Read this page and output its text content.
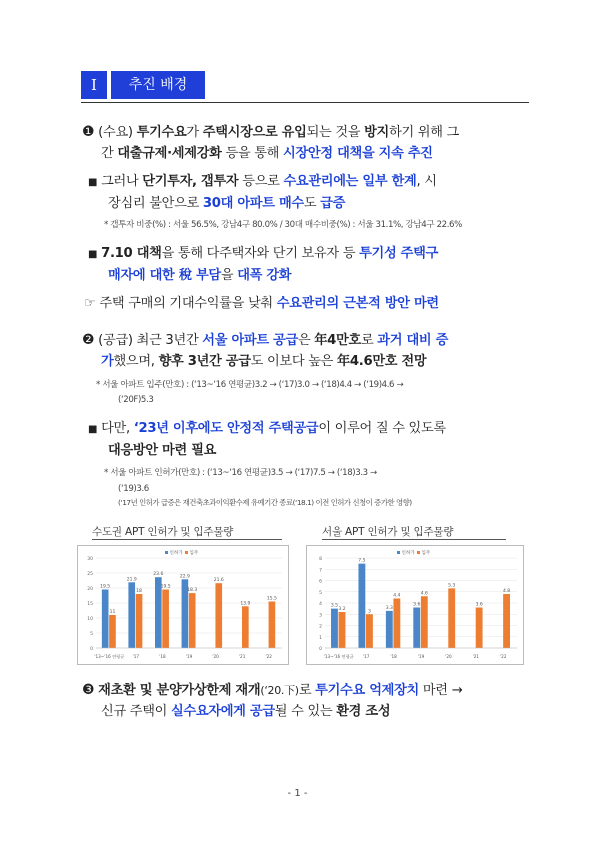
I	추진 배경
❶ (수요) 투기수요가 주택시장으로 유입되는 것을 방지하기 위해 그
간 대출규제·세제강화 등을 통해 시장안정 대책을 지속 추진
■ 그러나 단기투자, 갭투자 등으로 수요관리에는 일부 한계, 시
장심리 불안으로 30대 아파트 매수도 급증
* 갭투자 비중(%) : 서울 56.5%, 강남4구 80.0% / 30대 매수비중(%) : 서울 31.1%, 강남4구 22.6%
■ 7.10 대책을 통해 다주택자와 단기 보유자 등 투기성 주택구
매자에 대한 稅 부담을 대폭 강화
☞ 주택 구매의 기대수익률을 낮춰 수요관리의 근본적 방안 마련
❷ (공급) 최근 3년간 서울 아파트 공급은 年4만호로 과거 대비 증
가했으며, 향후 3년간 공급도 이보다 높은 年4.6만호 전망
* 서울 아파트 입주(만호) : (‘13~‘16 연평균)3.2 → (‘17)3.0 → (‘18)4.4 → (‘19)4.6 →
(‘20F)5.3
■ 다만, ‘23년 이후에도 안정적 주택공급이 이루어 질 수 있도록
대응방안 마련 필요
* 서울 아파트 인허가(만호) : (‘13~‘16 연평균)3.5 → (‘17)7.5 → (‘18)3.3 →
(‘19)3.6
(‘17년 인허가 급증은 재건축초과이익환수제 유예기간 종료(‘18.1) 이전 인허가 신청이 증가한 영향)
수도권 APT 인허가 및 입주물량	서울 APT 인허가 및 입주물량
0
5
10
15
20
25
30
인허가 입주
19.5
11
'13~'16 연평균
21.9
18
'17
23.6
19.5
'18
22.9
18.3
'19
21.6
'20
13.9
'21
15.5
'22
0
1
2
3
4
5
6
7
8
인허가 입주
3.5
3.2
'13~'16 연평균
7.5
3
'17
3.3
4.4
'18
3.6
4.6
'19
5.3
'20
3.6
'21
4.8
'22
❸ 재초환 및 분양가상한제 재개(‘20.下)로 투기수요 억제장치 마련 →
신규 주택이 실수요자에게 공급될 수 있는 환경 조성
- 1 -
